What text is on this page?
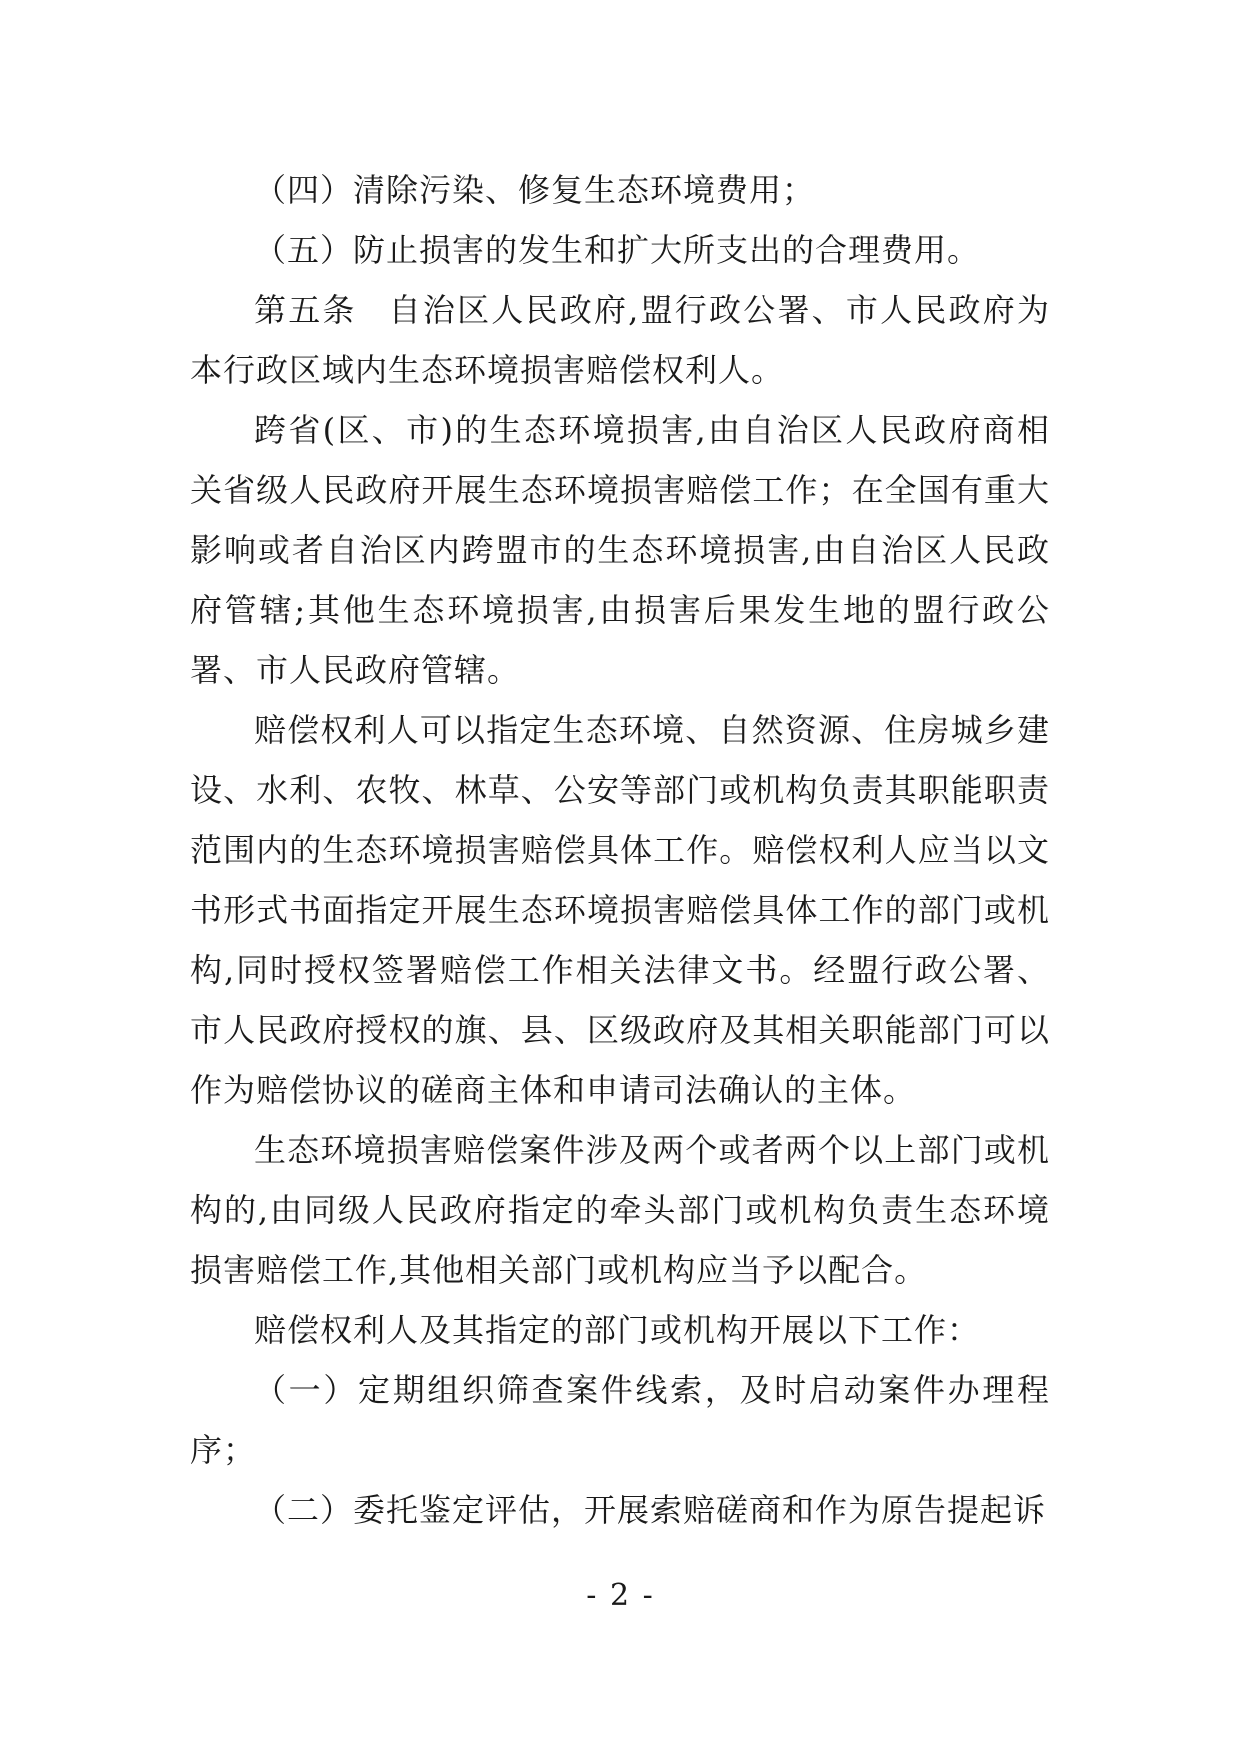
（四）清除污染、修复生态环境费用；

（五）防止损害的发生和扩大所支出的合理费用。

第五条 自治区人民政府,盟行政公署、市人民政府为本行政区域内生态环境损害赔偿权利人。

跨省(区、市)的生态环境损害,由自治区人民政府商相关省级人民政府开展生态环境损害赔偿工作；在全国有重大影响或者自治区内跨盟市的生态环境损害,由自治区人民政府管辖;其他生态环境损害,由损害后果发生地的盟行政公署、市人民政府管辖。

赔偿权利人可以指定生态环境、自然资源、住房城乡建设、水利、农牧、林草、公安等部门或机构负责其职能职责范围内的生态环境损害赔偿具体工作。赔偿权利人应当以文书形式书面指定开展生态环境损害赔偿具体工作的部门或机构,同时授权签署赔偿工作相关法律文书。经盟行政公署、市人民政府授权的旗、县、区级政府及其相关职能部门可以作为赔偿协议的磋商主体和申请司法确认的主体。

生态环境损害赔偿案件涉及两个或者两个以上部门或机构的,由同级人民政府指定的牵头部门或机构负责生态环境损害赔偿工作,其他相关部门或机构应当予以配合。

赔偿权利人及其指定的部门或机构开展以下工作：

（一）定期组织筛查案件线索，及时启动案件办理程序；

（二）委托鉴定评估，开展索赔磋商和作为原告提起诉

- 2 -
